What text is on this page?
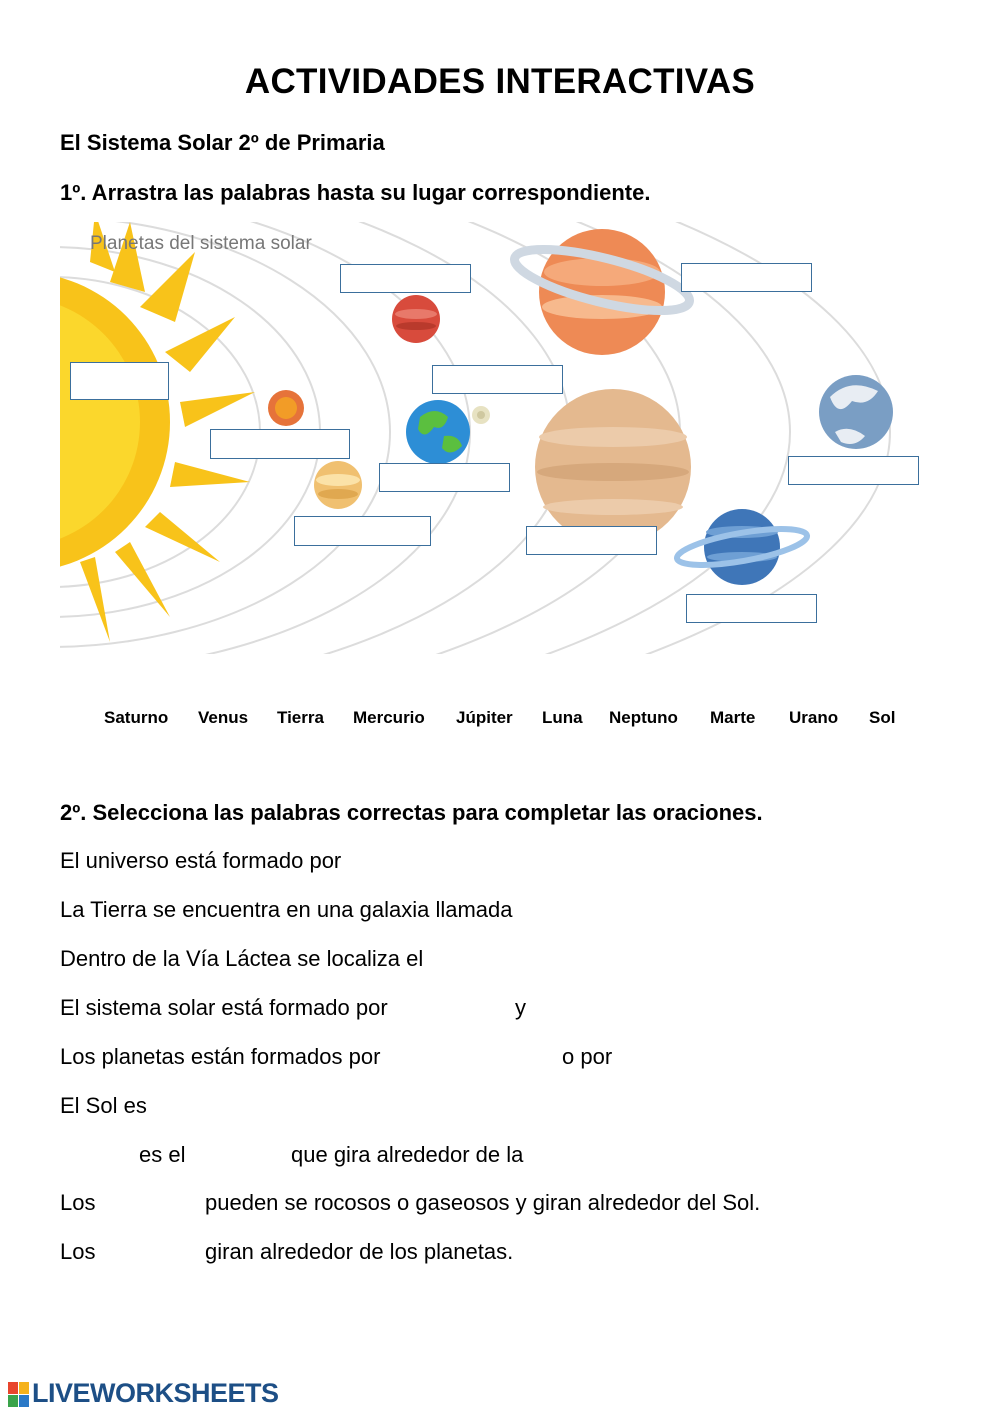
ACTIVIDADES INTERACTIVAS
El Sistema Solar 2º de Primaria
1º. Arrastra las palabras hasta su lugar correspondiente.
Planetas del sistema solar
Saturno Venus Tierra Mercurio Júpiter Luna Neptuno Marte Urano Sol
2º. Selecciona las palabras correctas para completar las oraciones.
El universo está formado por
La Tierra se encuentra en una galaxia llamada
Dentro de la Vía Láctea se localiza el
El sistema solar está formado por	y
Los planetas están formados por	o por
El Sol es
es el	que gira alrededor de la
Los	pueden se rocosos o gaseosos y giran alrededor del Sol.
Los	giran alrededor de los planetas.
LIVEWORKSHEETS
